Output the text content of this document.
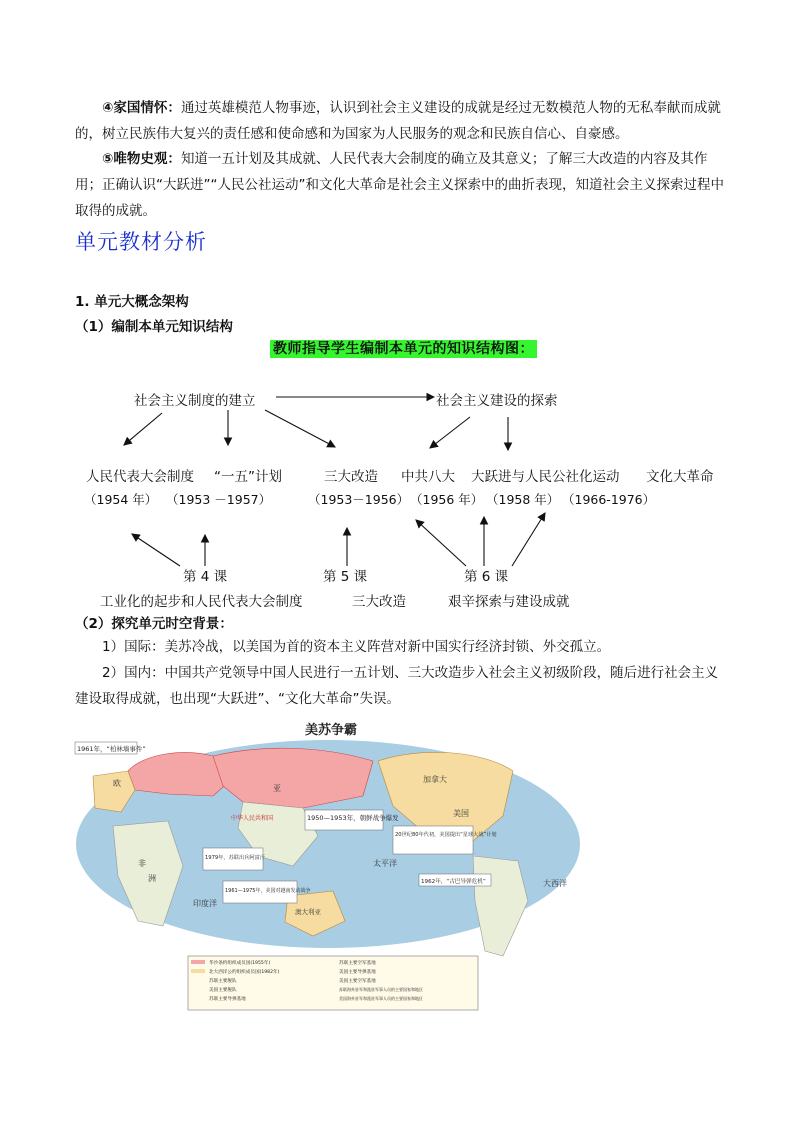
④家国情怀：通过英雄模范人物事迹，认识到社会主义建设的成就是经过无数模范人物的无私奉献而成就的，树立民族伟大复兴的责任感和使命感和为国家为人民服务的观念和民族自信心、自豪感。
⑤唯物史观：知道一五计划及其成就、人民代表大会制度的确立及其意义；了解三大改造的内容及其作用；正确认识“大跃进”“人民公社运动”和文化大革命是社会主义探索中的曲折表现，知道社会主义探索过程中取得的成就。
单元教材分析
1. 单元大概念架构
（1）编制本单元知识结构
教师指导学生编制本单元的知识结构图：
社会主义制度的建立	社会主义建设的探索
人民代表大会制度 “一五”计划	三大改造 中共八大 大跃进与人民公社化运动 文化大革命
（1954 年） （1953 －1957）	（1953－1956） （1956 年） （1958 年） （1966-1976）
第 4 课	第 5 课	第 6 课
工业化的起步和人民代表大会制度	三大改造	艰辛探索与建设成就
（2）探究单元时空背景：
1）国际：美苏冷战，以美国为首的资本主义阵营对新中国实行经济封锁、外交孤立。
2）国内：中国共产党领导中国人民进行一五计划、三大改造步入社会主义初级阶段，随后进行社会主义建设取得成就，也出现“大跃进”、“文化大革命”失误。
美苏争霸
1961年，“柏林墙事件”
1950—1953年，朝鲜战争爆发
20世纪80年代初，美国提出“星球大战”计划
1979年，苏联出兵阿富汗
1961—1975年，美国对越南发动战争
1962年，“古巴导弹危机”
中华人民共和国
澳大利亚
加拿大
美国
印度洋
大西洋
太平洋
欧
亚
非
洲
华沙条约组织成员国(1955年)
北大西洋公约组织成员国(1982年)
苏联主要舰队
美国主要舰队
苏联主要导弹基地
苏联主要空军基地
美国主要导弹基地
美国主要空军基地
苏联海外驻军和派驻军事人员的主要国家和地区
美国海外驻军和派驻军事人员的主要国家和地区
